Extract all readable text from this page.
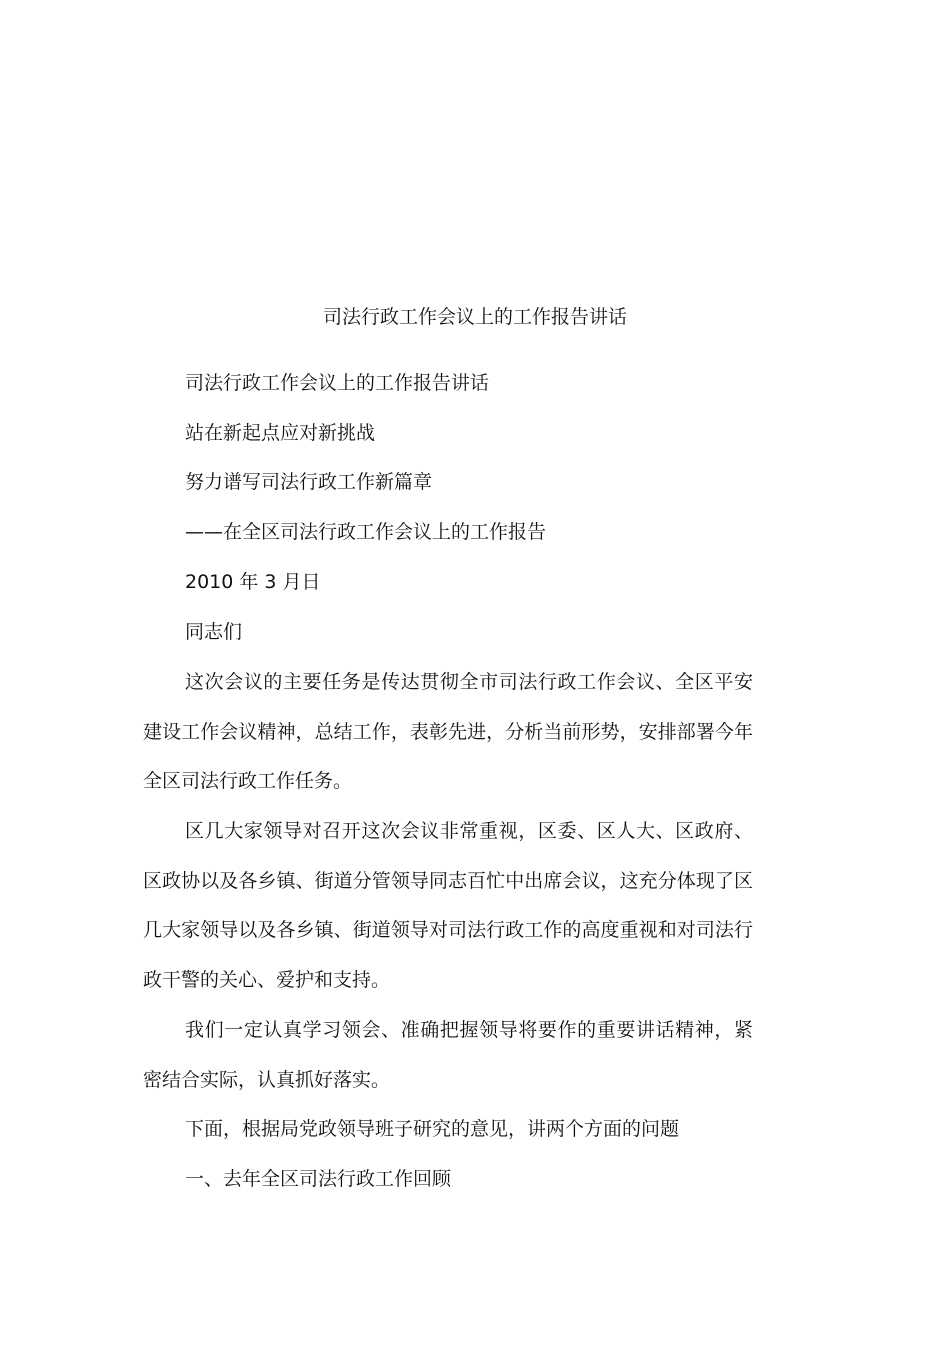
司法行政工作会议上的工作报告讲话
司法行政工作会议上的工作报告讲话
站在新起点应对新挑战
努力谱写司法行政工作新篇章
——在全区司法行政工作会议上的工作报告
2010 年 3 月日
同志们

这次会议的主要任务是传达贯彻全市司法行政工作会议、全区平安建设工作会议精神，总结工作，表彰先进，分析当前形势，安排部署今年全区司法行政工作任务。

区几大家领导对召开这次会议非常重视，区委、区人大、区政府、区政协以及各乡镇、街道分管领导同志百忙中出席会议，这充分体现了区几大家领导以及各乡镇、街道领导对司法行政工作的高度重视和对司法行政干警的关心、爱护和支持。

我们一定认真学习领会、准确把握领导将要作的重要讲话精神，紧密结合实际，认真抓好落实。

下面，根据局党政领导班子研究的意见，讲两个方面的问题
一、去年全区司法行政工作回顾
